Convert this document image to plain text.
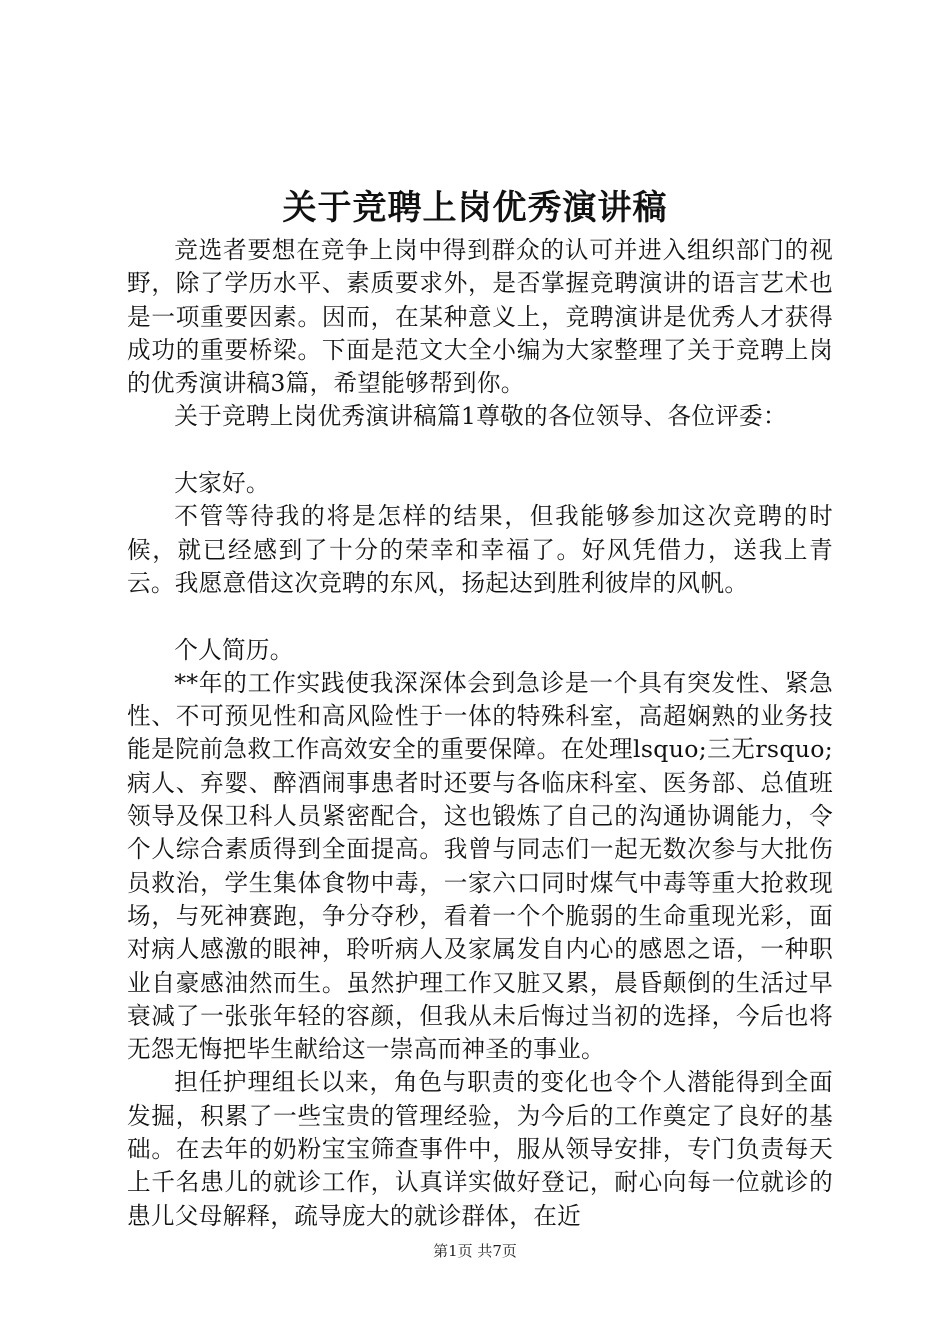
关于竞聘上岗优秀演讲稿

竞选者要想在竞争上岗中得到群众的认可并进入组织部门的视野，除了学历水平、素质要求外，是否掌握竞聘演讲的语言艺术也是一项重要因素。因而，在某种意义上，竞聘演讲是优秀人才获得成功的重要桥梁。下面是范文大全小编为大家整理了关于竞聘上岗的优秀演讲稿3篇，希望能够帮到你。

关于竞聘上岗优秀演讲稿篇1尊敬的各位领导、各位评委：

大家好。

不管等待我的将是怎样的结果，但我能够参加这次竞聘的时候，就已经感到了十分的荣幸和幸福了。好风凭借力，送我上青云。我愿意借这次竞聘的东风，扬起达到胜利彼岸的风帆。

个人简历。

**年的工作实践使我深深体会到急诊是一个具有突发性、紧急性、不可预见性和高风险性于一体的特殊科室，高超娴熟的业务技能是院前急救工作高效安全的重要保障。在处理lsquo;三无rsquo;病人、弃婴、醉酒闹事患者时还要与各临床科室、医务部、总值班领导及保卫科人员紧密配合，这也锻炼了自己的沟通协调能力，令个人综合素质得到全面提高。我曾与同志们一起无数次参与大批伤员救治，学生集体食物中毒，一家六口同时煤气中毒等重大抢救现场，与死神赛跑，争分夺秒，看着一个个脆弱的生命重现光彩，面对病人感激的眼神，聆听病人及家属发自内心的感恩之语，一种职业自豪感油然而生。虽然护理工作又脏又累，晨昏颠倒的生活过早衰减了一张张年轻的容颜，但我从未后悔过当初的选择，今后也将无怨无悔把毕生献给这一崇高而神圣的事业。

担任护理组长以来，角色与职责的变化也令个人潜能得到全面发掘，积累了一些宝贵的管理经验，为今后的工作奠定了良好的基础。在去年的奶粉宝宝筛查事件中，服从领导安排，专门负责每天上千名患儿的就诊工作，认真详实做好登记，耐心向每一位就诊的患儿父母解释，疏导庞大的就诊群体，在近

第1页 共7页
